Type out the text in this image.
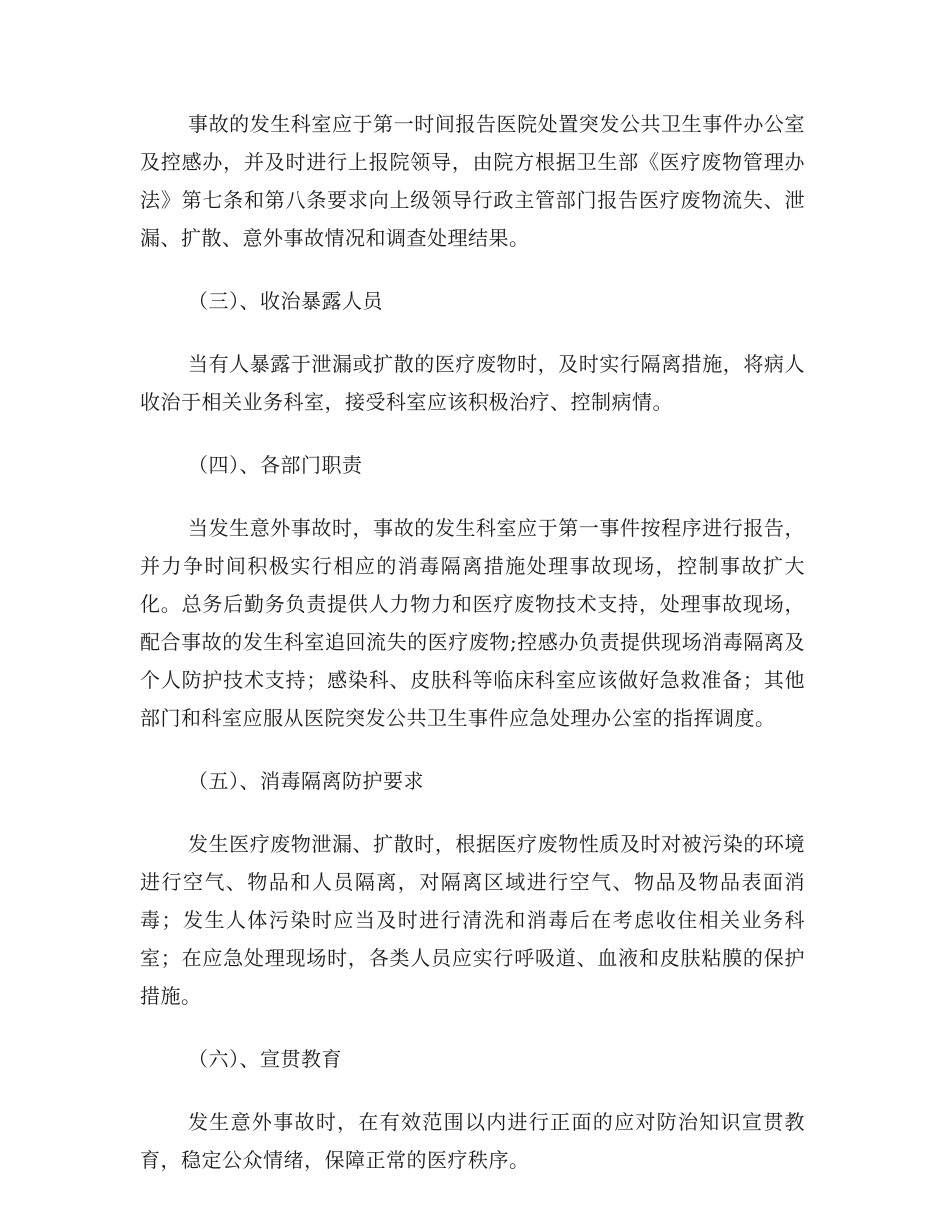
事故的发生科室应于第一时间报告医院处置突发公共卫生事件办公室及控感办，并及时进行上报院领导，由院方根据卫生部《医疗废物管理办法》第七条和第八条要求向上级领导行政主管部门报告医疗废物流失、泄漏、扩散、意外事故情况和调查处理结果。

（三）、收治暴露人员

当有人暴露于泄漏或扩散的医疗废物时，及时实行隔离措施，将病人收治于相关业务科室，接受科室应该积极治疗、控制病情。

（四）、各部门职责

当发生意外事故时，事故的发生科室应于第一事件按程序进行报告，并力争时间积极实行相应的消毒隔离措施处理事故现场，控制事故扩大化。总务后勤务负责提供人力物力和医疗废物技术支持，处理事故现场，配合事故的发生科室追回流失的医疗废物;控感办负责提供现场消毒隔离及个人防护技术支持；感染科、皮肤科等临床科室应该做好急救准备；其他部门和科室应服从医院突发公共卫生事件应急处理办公室的指挥调度。

（五）、消毒隔离防护要求

发生医疗废物泄漏、扩散时，根据医疗废物性质及时对被污染的环境进行空气、物品和人员隔离，对隔离区域进行空气、物品及物品表面消毒；发生人体污染时应当及时进行清洗和消毒后在考虑收住相关业务科室；在应急处理现场时，各类人员应实行呼吸道、血液和皮肤粘膜的保护措施。

（六）、宣贯教育

发生意外事故时，在有效范围以内进行正面的应对防治知识宣贯教育，稳定公众情绪，保障正常的医疗秩序。
